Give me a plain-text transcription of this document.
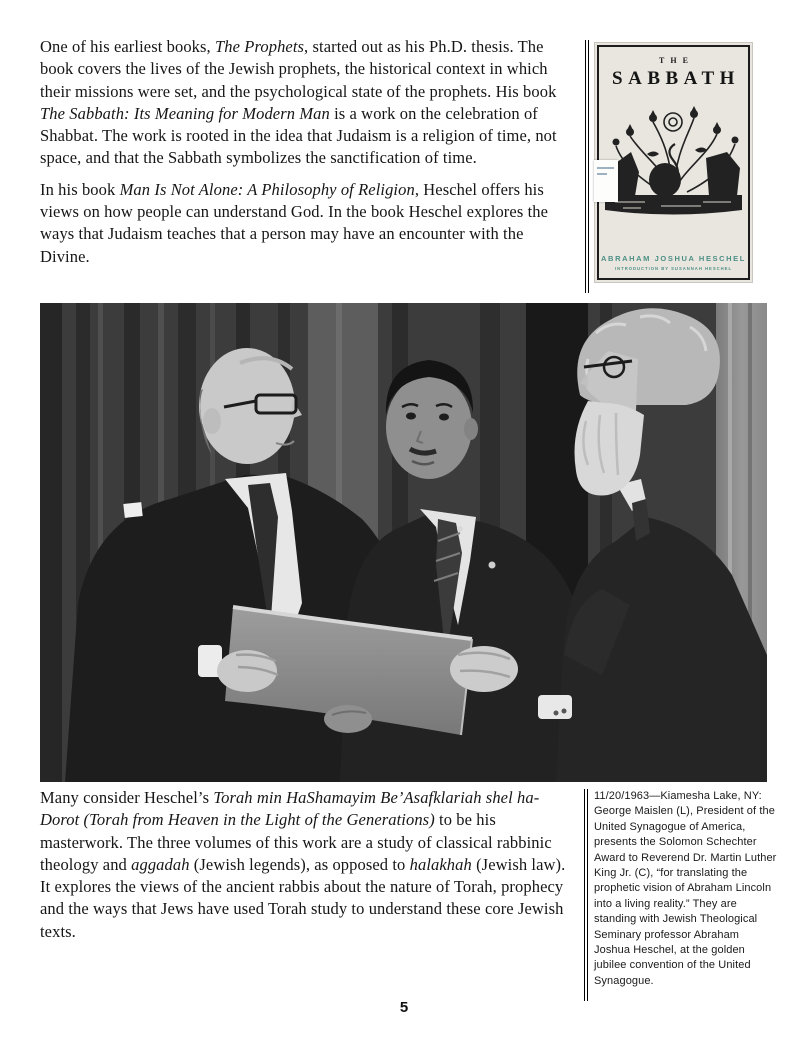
One of his earliest books, The Prophets, started out as his Ph.D. thesis. The book covers the lives of the Jewish prophets, the historical context in which their missions were set, and the psychological state of the prophets. His book The Sabbath: Its Meaning for Modern Man is a work on the celebration of Shabbat. The work is rooted in the idea that Judaism is a religion of time, not space, and that the Sabbath symbolizes the sanctification of time.

In his book Man Is Not Alone: A Philosophy of Religion, Heschel offers his views on how people can understand God. In the book Heschel explores the ways that Judaism teaches that a person may have an encounter with the Divine.

THE
SABBATH
ABRAHAM JOSHUA HESCHEL
INTRODUCTION BY SUSANNAH HESCHEL

Many consider Heschel’s Torah min HaShamayim Be’Asafklariah shel ha-Dorot (Torah from Heaven in the Light of the Generations) to be his masterwork. The three volumes of this work are a study of classical rabbinic theology and aggadah (Jewish legends), as opposed to halakhah (Jewish law). It explores the views of the ancient rabbis about the nature of Torah, prophecy and the ways that Jews have used Torah study to understand these core Jewish texts.

11/20/1963—Kiamesha Lake, NY: George Maislen (L), President of the United Synagogue of America, presents the Solomon Schechter Award to Reverend Dr. Martin Luther King Jr. (C), “for translating the prophetic vision of Abraham Lincoln into a living reality.” They are standing with Jewish Theological Seminary professor Abraham Joshua Heschel, at the golden jubilee convention of the United Synagogue.
5
